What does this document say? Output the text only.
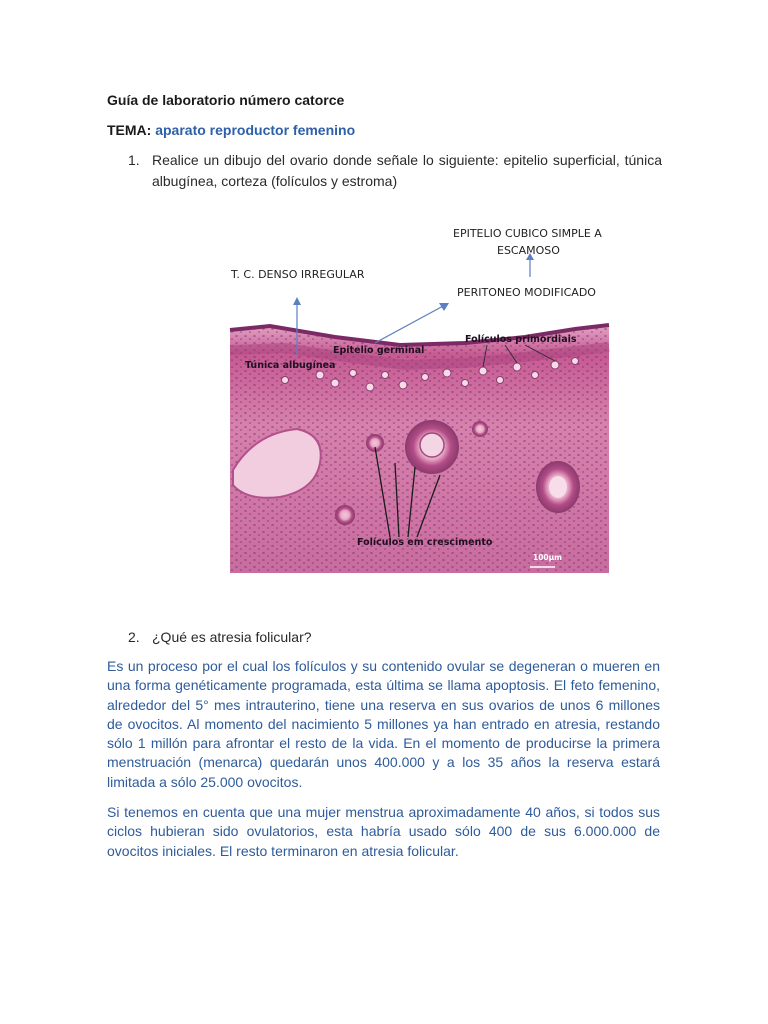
Guía de laboratorio número catorce
TEMA: aparato reproductor femenino
1. Realice un dibujo del ovario donde señale lo siguiente: epitelio superficial, túnica albugínea, corteza (folículos y estroma)
EPITELIO CUBICO SIMPLE A
ESCAMOSO
T. C. DENSO IRREGULAR
PERITONEO MODIFICADO
Epitelio germinal
Folículos primordiais
Túnica albugínea
Folículos em crescimento
100μm
2. ¿Qué es atresia folicular?

Es un proceso por el cual los folículos y su contenido ovular se degeneran o mueren en una forma genéticamente programada, esta última se llama apoptosis. El feto femenino, alrededor del 5° mes intrauterino, tiene una reserva en sus ovarios de unos 6 millones de ovocitos. Al momento del nacimiento 5 millones ya han entrado en atresia, restando sólo 1 millón para afrontar el resto de la vida. En el momento de producirse la primera menstruación (menarca) quedarán unos 400.000 y a los 35 años la reserva estará limitada a sólo 25.000 ovocitos.

Si tenemos en cuenta que una mujer menstrua aproximadamente 40 años, si todos sus ciclos hubieran sido ovulatorios, esta habría usado sólo 400 de sus 6.000.000 de ovocitos iniciales. El resto terminaron en atresia folicular.
